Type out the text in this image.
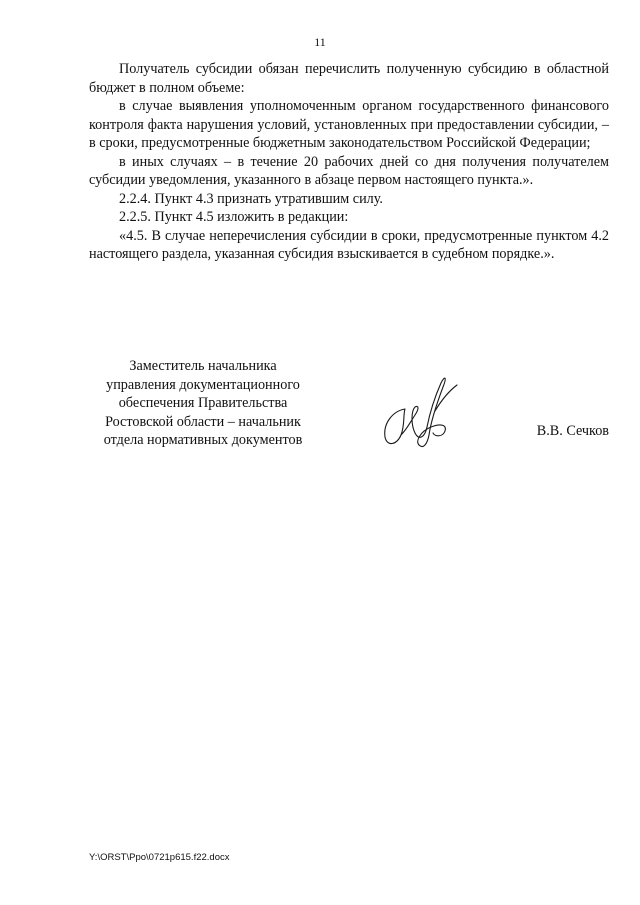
11

Получатель субсидии обязан перечислить полученную субсидию в областной бюджет в полном объеме:

в случае выявления уполномоченным органом государственного финансового контроля факта нарушения условий, установленных при предоставлении субсидии, – в сроки, предусмотренные бюджетным законодательством Российской Федерации;

в иных случаях – в течение 20 рабочих дней со дня получения получателем субсидии уведомления, указанного в абзаце первом настоящего пункта.».

2.2.4. Пункт 4.3 признать утратившим силу.

2.2.5. Пункт 4.5 изложить в редакции:

«4.5. В случае неперечисления субсидии в сроки, предусмотренные пунктом 4.2 настоящего раздела, указанная субсидия взыскивается в судебном порядке.».

Заместитель начальника
управления документационного
обеспечения Правительства
Ростовской области – начальник
отдела нормативных документов

В.В. Сечков
Y:\ORST\Ppo\0721p615.f22.docx
